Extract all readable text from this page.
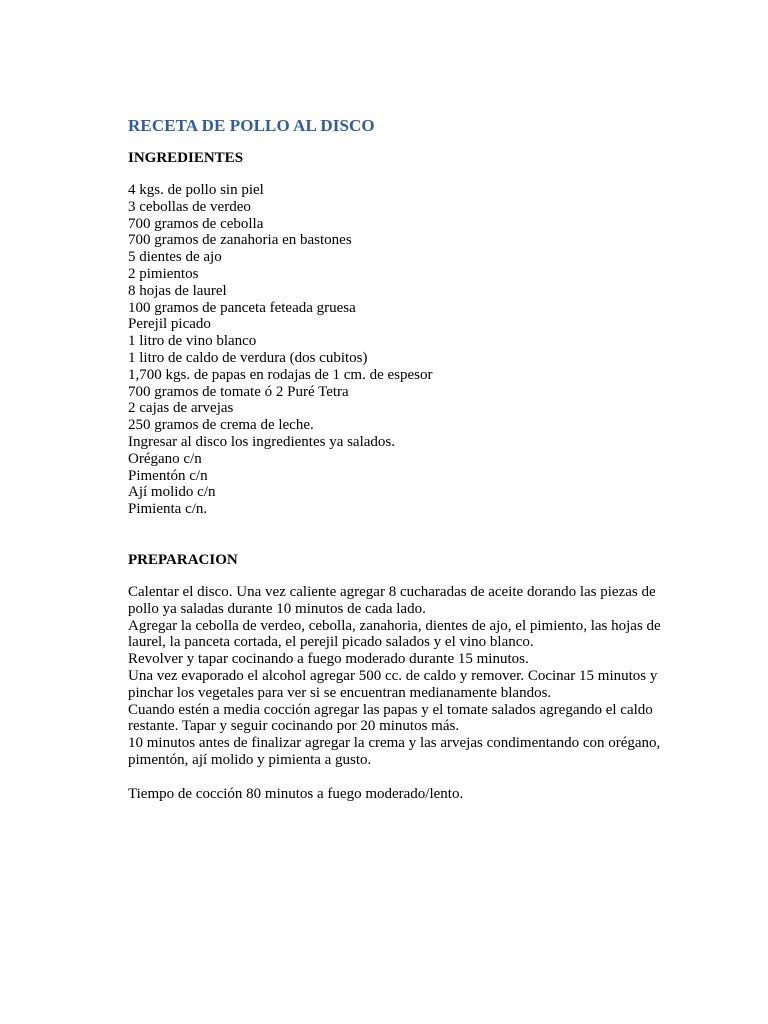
RECETA DE POLLO AL DISCO
INGREDIENTES
4 kgs. de pollo sin piel
3 cebollas de verdeo
700 gramos de cebolla
700 gramos de zanahoria en bastones
5 dientes de ajo
2 pimientos
8 hojas de laurel
100 gramos de panceta feteada gruesa
Perejil picado
1 litro de vino blanco
1 litro de caldo de verdura (dos cubitos)
1,700 kgs. de papas en rodajas de 1 cm. de espesor
700 gramos de tomate ó 2 Puré Tetra
2 cajas de arvejas
250 gramos de crema de leche.
Ingresar al disco los ingredientes ya salados.
Orégano c/n
Pimentón c/n
Ají molido c/n
Pimienta c/n.
PREPARACION

Calentar el disco. Una vez caliente agregar 8 cucharadas de aceite dorando las piezas de pollo ya saladas durante 10 minutos de cada lado.

Agregar la cebolla de verdeo, cebolla, zanahoria, dientes de ajo, el pimiento, las hojas de laurel, la panceta cortada, el perejil picado salados y el vino blanco.

Revolver y tapar cocinando a fuego moderado durante 15 minutos.

Una vez evaporado el alcohol agregar 500 cc. de caldo y remover. Cocinar 15 minutos y pinchar los vegetales para ver si se encuentran medianamente blandos.

Cuando estén a media cocción agregar las papas y el tomate salados agregando el caldo restante. Tapar y seguir cocinando por 20 minutos más.

10 minutos antes de finalizar agregar la crema y las arvejas condimentando con orégano, pimentón, ají molido y pimienta a gusto.

Tiempo de cocción 80 minutos a fuego moderado/lento.
